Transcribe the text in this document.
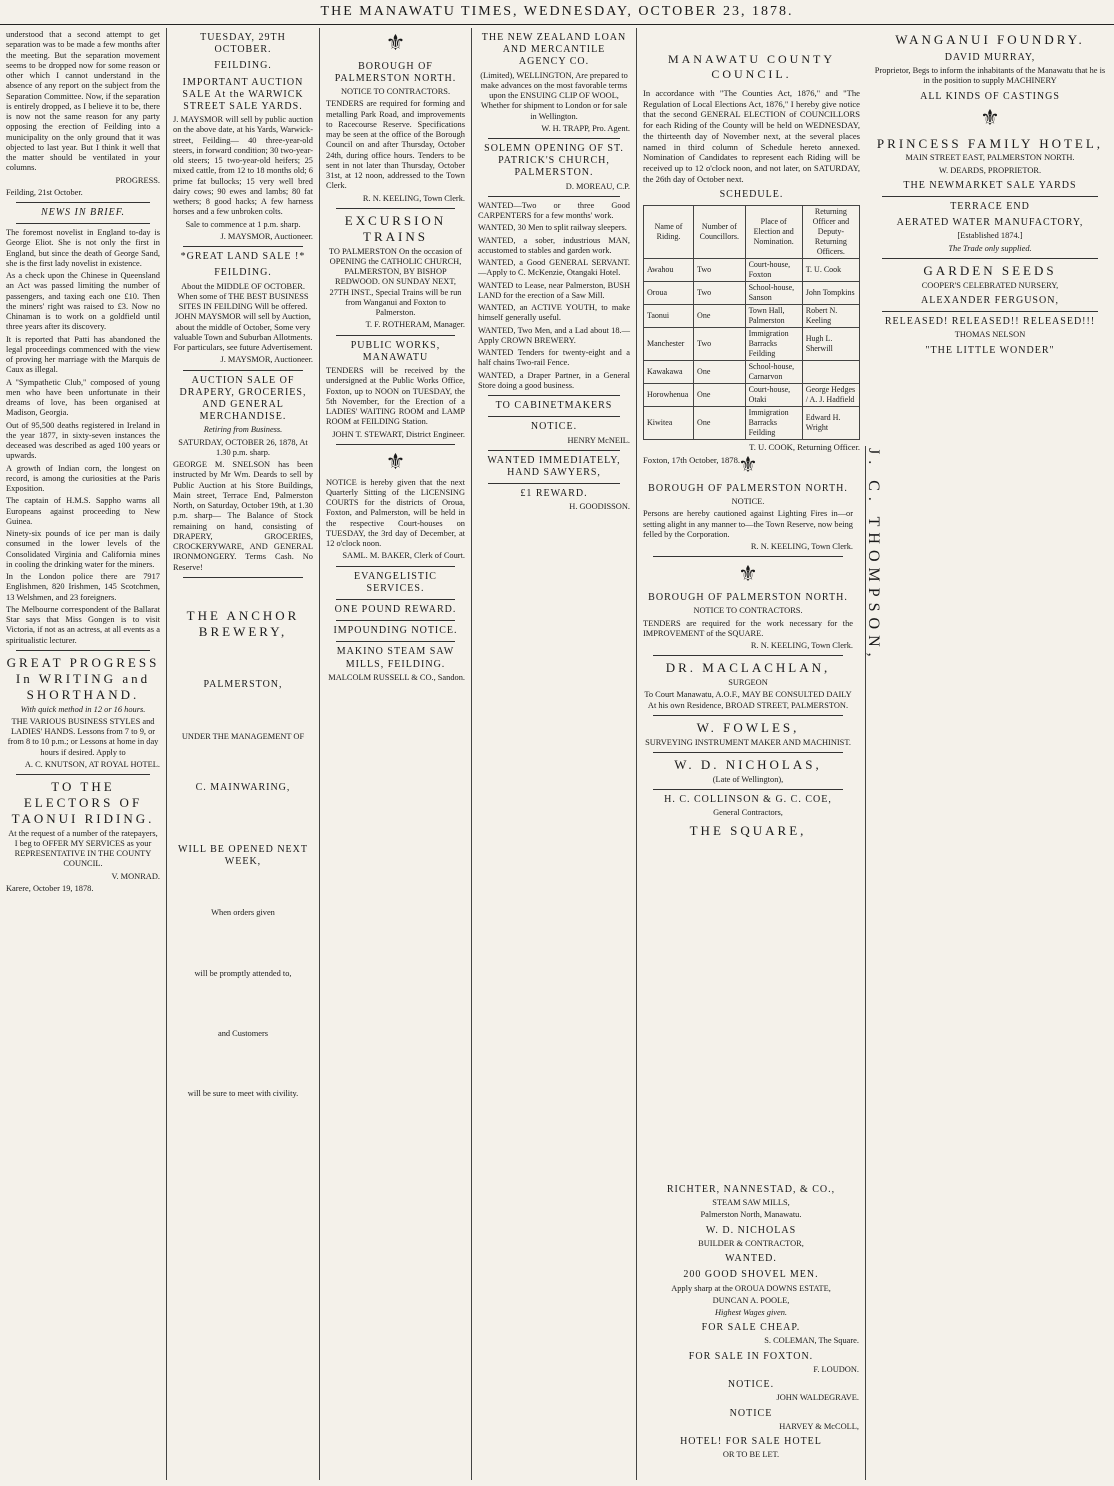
THE MANAWATU TIMES, WEDNESDAY, OCTOBER 23, 1878.

understood that a second attempt to get separation was to be made a few months after the meeting. But the separation movement seems to be dropped now for some reason or other which I cannot understand in the absence of any report on the subject from the Separation Committee. Now, if the separation is entirely dropped, as I believe it to be, there is now not the same reason for any party opposing the erection of Feilding into a municipality on the only ground that it was objected to last year. But I think it well that the matter should be ventilated in your columns.

PROGRESS.

Feilding, 21st October.

NEWS IN BRIEF.

The foremost novelist in England to-day is George Eliot. She is not only the first in England, but since the death of George Sand, she is the first lady novelist in existence.

As a check upon the Chinese in Queensland an Act was passed limiting the number of passengers, and taxing each one £10. Then the miners' right was raised to £3. Now no Chinaman is to work on a goldfield until three years after its discovery.

It is reported that Patti has abandoned the legal proceedings commenced with the view of proving her marriage with the Marquis de Caux as illegal.

A "Sympathetic Club," composed of young men who have been unfortunate in their dreams of love, has been organised at Madison, Georgia.

Out of 95,500 deaths registered in Ireland in the year 1877, in sixty-seven instances the deceased was described as aged 100 years or upwards.

A growth of Indian corn, the longest on record, is among the curiosities at the Paris Exposition.

The captain of H.M.S. Sappho warns all Europeans against proceeding to New Guinea.

Ninety-six pounds of ice per man is daily consumed in the lower levels of the Consolidated Virginia and California mines in cooling the drinking water for the miners.

In the London police there are 7917 Englishmen, 820 Irishmen, 145 Scotchmen, 13 Welshmen, and 23 foreigners.

The Melbourne correspondent of the Ballarat Star says that Miss Gongen is to visit Victoria, if not as an actress, at all events as a spiritualistic lecturer.

GREAT PROGRESS In WRITING and SHORTHAND.

With quick method in 12 or 16 hours.

THE VARIOUS BUSINESS STYLES and LADIES' HANDS. Lessons from 7 to 9, or from 8 to 10 p.m.; or Lessons at home in day hours if desired. Apply to

A. C. KNUTSON, AT ROYAL HOTEL.

TO THE ELECTORS OF TAONUI RIDING.

At the request of a number of the ratepayers, I beg to OFFER MY SERVICES as your REPRESENTATIVE IN THE COUNTY COUNCIL.

V. MONRAD.

Karere, October 19, 1878.

TUESDAY, 29TH OCTOBER.
FEILDING.
IMPORTANT AUCTION SALE At the WARWICK STREET SALE YARDS.

J. MAYSMOR will sell by public auction on the above date, at his Yards, Warwick-street, Feilding— 40 three-year-old steers, in forward condition; 30 two-year-old steers; 15 two-year-old heifers; 25 mixed cattle, from 12 to 18 months old; 6 prime fat bullocks; 15 very well bred dairy cows; 90 ewes and lambs; 80 fat wethers; 8 good hacks; A few harness horses and a few unbroken colts.

Sale to commence at 1 p.m. sharp.

J. MAYSMOR, Auctioneer.

*GREAT LAND SALE !*
FEILDING.

About the MIDDLE OF OCTOBER. When some of THE BEST BUSINESS SITES IN FEILDING Will be offered. JOHN MAYSMOR will sell by Auction, about the middle of October, Some very valuable Town and Suburban Allotments. For particulars, see future Advertisement.

J. MAYSMOR, Auctioneer.

AUCTION SALE OF DRAPERY, GROCERIES, AND GENERAL MERCHANDISE.

Retiring from Business.

SATURDAY, OCTOBER 26, 1878, At 1.30 p.m. sharp.

GEORGE M. SNELSON has been instructed by Mr Wm. Deards to sell by Public Auction at his Store Buildings, Main street, Terrace End, Palmerston North, on Saturday, October 19th, at 1.30 p.m. sharp— The Balance of Stock remaining on hand, consisting of DRAPERY, GROCERIES, CROCKERYWARE, AND GENERAL IRONMONGERY. Terms Cash. No Reserve!

THE ANCHOR BREWERY,
PALMERSTON,

UNDER THE MANAGEMENT OF

C. MAINWARING,
WILL BE OPENED NEXT WEEK,

When orders given

will be promptly attended to,

and Customers

will be sure to meet with civility.

⚜
BOROUGH OF PALMERSTON NORTH.

NOTICE TO CONTRACTORS.

TENDERS are required for forming and metalling Park Road, and improvements to Racecourse Reserve. Specifications may be seen at the office of the Borough Council on and after Thursday, October 24th, during office hours. Tenders to be sent in not later than Thursday, October 31st, at 12 noon, addressed to the Town Clerk.

R. N. KEELING, Town Clerk.

EXCURSION TRAINS

TO PALMERSTON On the occasion of OPENING the CATHOLIC CHURCH, PALMERSTON, BY BISHOP REDWOOD. ON SUNDAY NEXT, 27TH INST., Special Trains will be run from Wanganui and Foxton to Palmerston.

T. F. ROTHERAM, Manager.

PUBLIC WORKS, MANAWATU

TENDERS will be received by the undersigned at the Public Works Office, Foxton, up to NOON on TUESDAY, the 5th November, for the Erection of a LADIES' WAITING ROOM and LAMP ROOM at FEILDING Station.

JOHN T. STEWART, District Engineer.

⚜

NOTICE is hereby given that the next Quarterly Sitting of the LICENSING COURTS for the districts of Oroua, Foxton, and Palmerston, will be held in the respective Court-houses on TUESDAY, the 3rd day of December, at 12 o'clock noon.

SAML. M. BAKER, Clerk of Court.

EVANGELISTIC SERVICES.
ONE POUND REWARD.
IMPOUNDING NOTICE.
MAKINO STEAM SAW MILLS, FEILDING.

MALCOLM RUSSELL & CO., Sandon.

THE NEW ZEALAND LOAN AND MERCANTILE AGENCY CO.

(Limited), WELLINGTON, Are prepared to make advances on the most favorable terms upon the ENSUING CLIP OF WOOL, Whether for shipment to London or for sale in Wellington.

W. H. TRAPP, Pro. Agent.

SOLEMN OPENING OF ST. PATRICK'S CHURCH, PALMERSTON.

D. MOREAU, C.P.

WANTED—Two or three Good CARPENTERS for a few months' work.

WANTED, 30 Men to split railway sleepers.

WANTED, a sober, industrious MAN, accustomed to stables and garden work.

WANTED, a Good GENERAL SERVANT.—Apply to C. McKenzie, Otangaki Hotel.

WANTED to Lease, near Palmerston, BUSH LAND for the erection of a Saw Mill.

WANTED, an ACTIVE YOUTH, to make himself generally useful.

WANTED, Two Men, and a Lad about 18.—Apply CROWN BREWERY.

WANTED Tenders for twenty-eight and a half chains Two-rail Fence.

WANTED, a Draper Partner, in a General Store doing a good business.

TO CABINETMAKERS
NOTICE.

HENRY McNEIL.

WANTED IMMEDIATELY, HAND SAWYERS,
£1 REWARD.

H. GOODISSON.

⚜
BOROUGH OF PALMERSTON NORTH.

NOTICE.

Persons are hereby cautioned against Lighting Fires in—or setting alight in any manner to—the Town Reserve, now being felled by the Corporation.

R. N. KEELING, Town Clerk.

⚜
BOROUGH OF PALMERSTON NORTH.

NOTICE TO CONTRACTORS.

TENDERS are required for the work necessary for the IMPROVEMENT of the SQUARE.

R. N. KEELING, Town Clerk.

DR. MACLACHLAN,

SURGEON

To Court Manawatu, A.O.F., MAY BE CONSULTED DAILY At his own Residence, BROAD STREET, PALMERSTON.

W. FOWLES,

SURVEYING INSTRUMENT MAKER AND MACHINIST.

W. D. NICHOLAS,

(Late of Wellington),

H. C. COLLINSON & G. C. COE,

General Contractors,

THE SQUARE,
J. C. THOMPSON,
WANGANUI FOUNDRY.
DAVID MURRAY,

Proprietor, Begs to inform the inhabitants of the Manawatu that he is in the position to supply MACHINERY

ALL KINDS OF CASTINGS
⚜
PRINCESS FAMILY HOTEL,

MAIN STREET EAST, PALMERSTON NORTH.

W. DEARDS, PROPRIETOR.

THE NEWMARKET SALE YARDS
TERRACE END
AERATED WATER MANUFACTORY,

[Established 1874.]

The Trade only supplied.

GARDEN SEEDS

COOPER'S CELEBRATED NURSERY,

ALEXANDER FERGUSON,
RELEASED! RELEASED!! RELEASED!!!

THOMAS NELSON

"THE LITTLE WONDER"
MANAWATU COUNTY COUNCIL.

In accordance with "The Counties Act, 1876," and "The Regulation of Local Elections Act, 1876," I hereby give notice that the second GENERAL ELECTION of COUNCILLORS for each Riding of the County will be held on WEDNESDAY, the thirteenth day of November next, at the several places named in third column of Schedule hereto annexed. Nomination of Candidates to represent each Riding will be received up to 12 o'clock noon, and not later, on SATURDAY, the 26th day of October next.

SCHEDULE.
Name of Riding.	Number of Councillors.	Place of Election and Nomination.	Returning Officer and Deputy-Returning Officers.
Awahou	Two	Court-house, Foxton	T. U. Cook
Oroua	Two	School-house, Sanson	John Tompkins
Taonui	One	Town Hall, Palmerston	Robert N. Keeling
Manchester	Two	Immigration Barracks Feilding	Hugh L. Sherwill
Kawakawa	One	School-house, Carnarvon	
Horowhenua	One	Court-house, Otaki	George Hedges / A. J. Hadfield
Kiwitea	One	Immigration Barracks Feilding	Edward H. Wright

T. U. COOK, Returning Officer.

Foxton, 17th October, 1878.

RICHTER, NANNESTAD, & CO.,

STEAM SAW MILLS,

Palmerston North, Manawatu.

W. D. NICHOLAS

BUILDER & CONTRACTOR,

WANTED.
200 GOOD SHOVEL MEN.

Apply sharp at the OROUA DOWNS ESTATE,

DUNCAN A. POOLE,

Highest Wages given.

FOR SALE CHEAP.

S. COLEMAN, The Square.

FOR SALE IN FOXTON.

F. LOUDON.

NOTICE.

JOHN WALDEGRAVE.

NOTICE

HARVEY & McCOLL,

HOTEL! FOR SALE HOTEL

OR TO BE LET.
